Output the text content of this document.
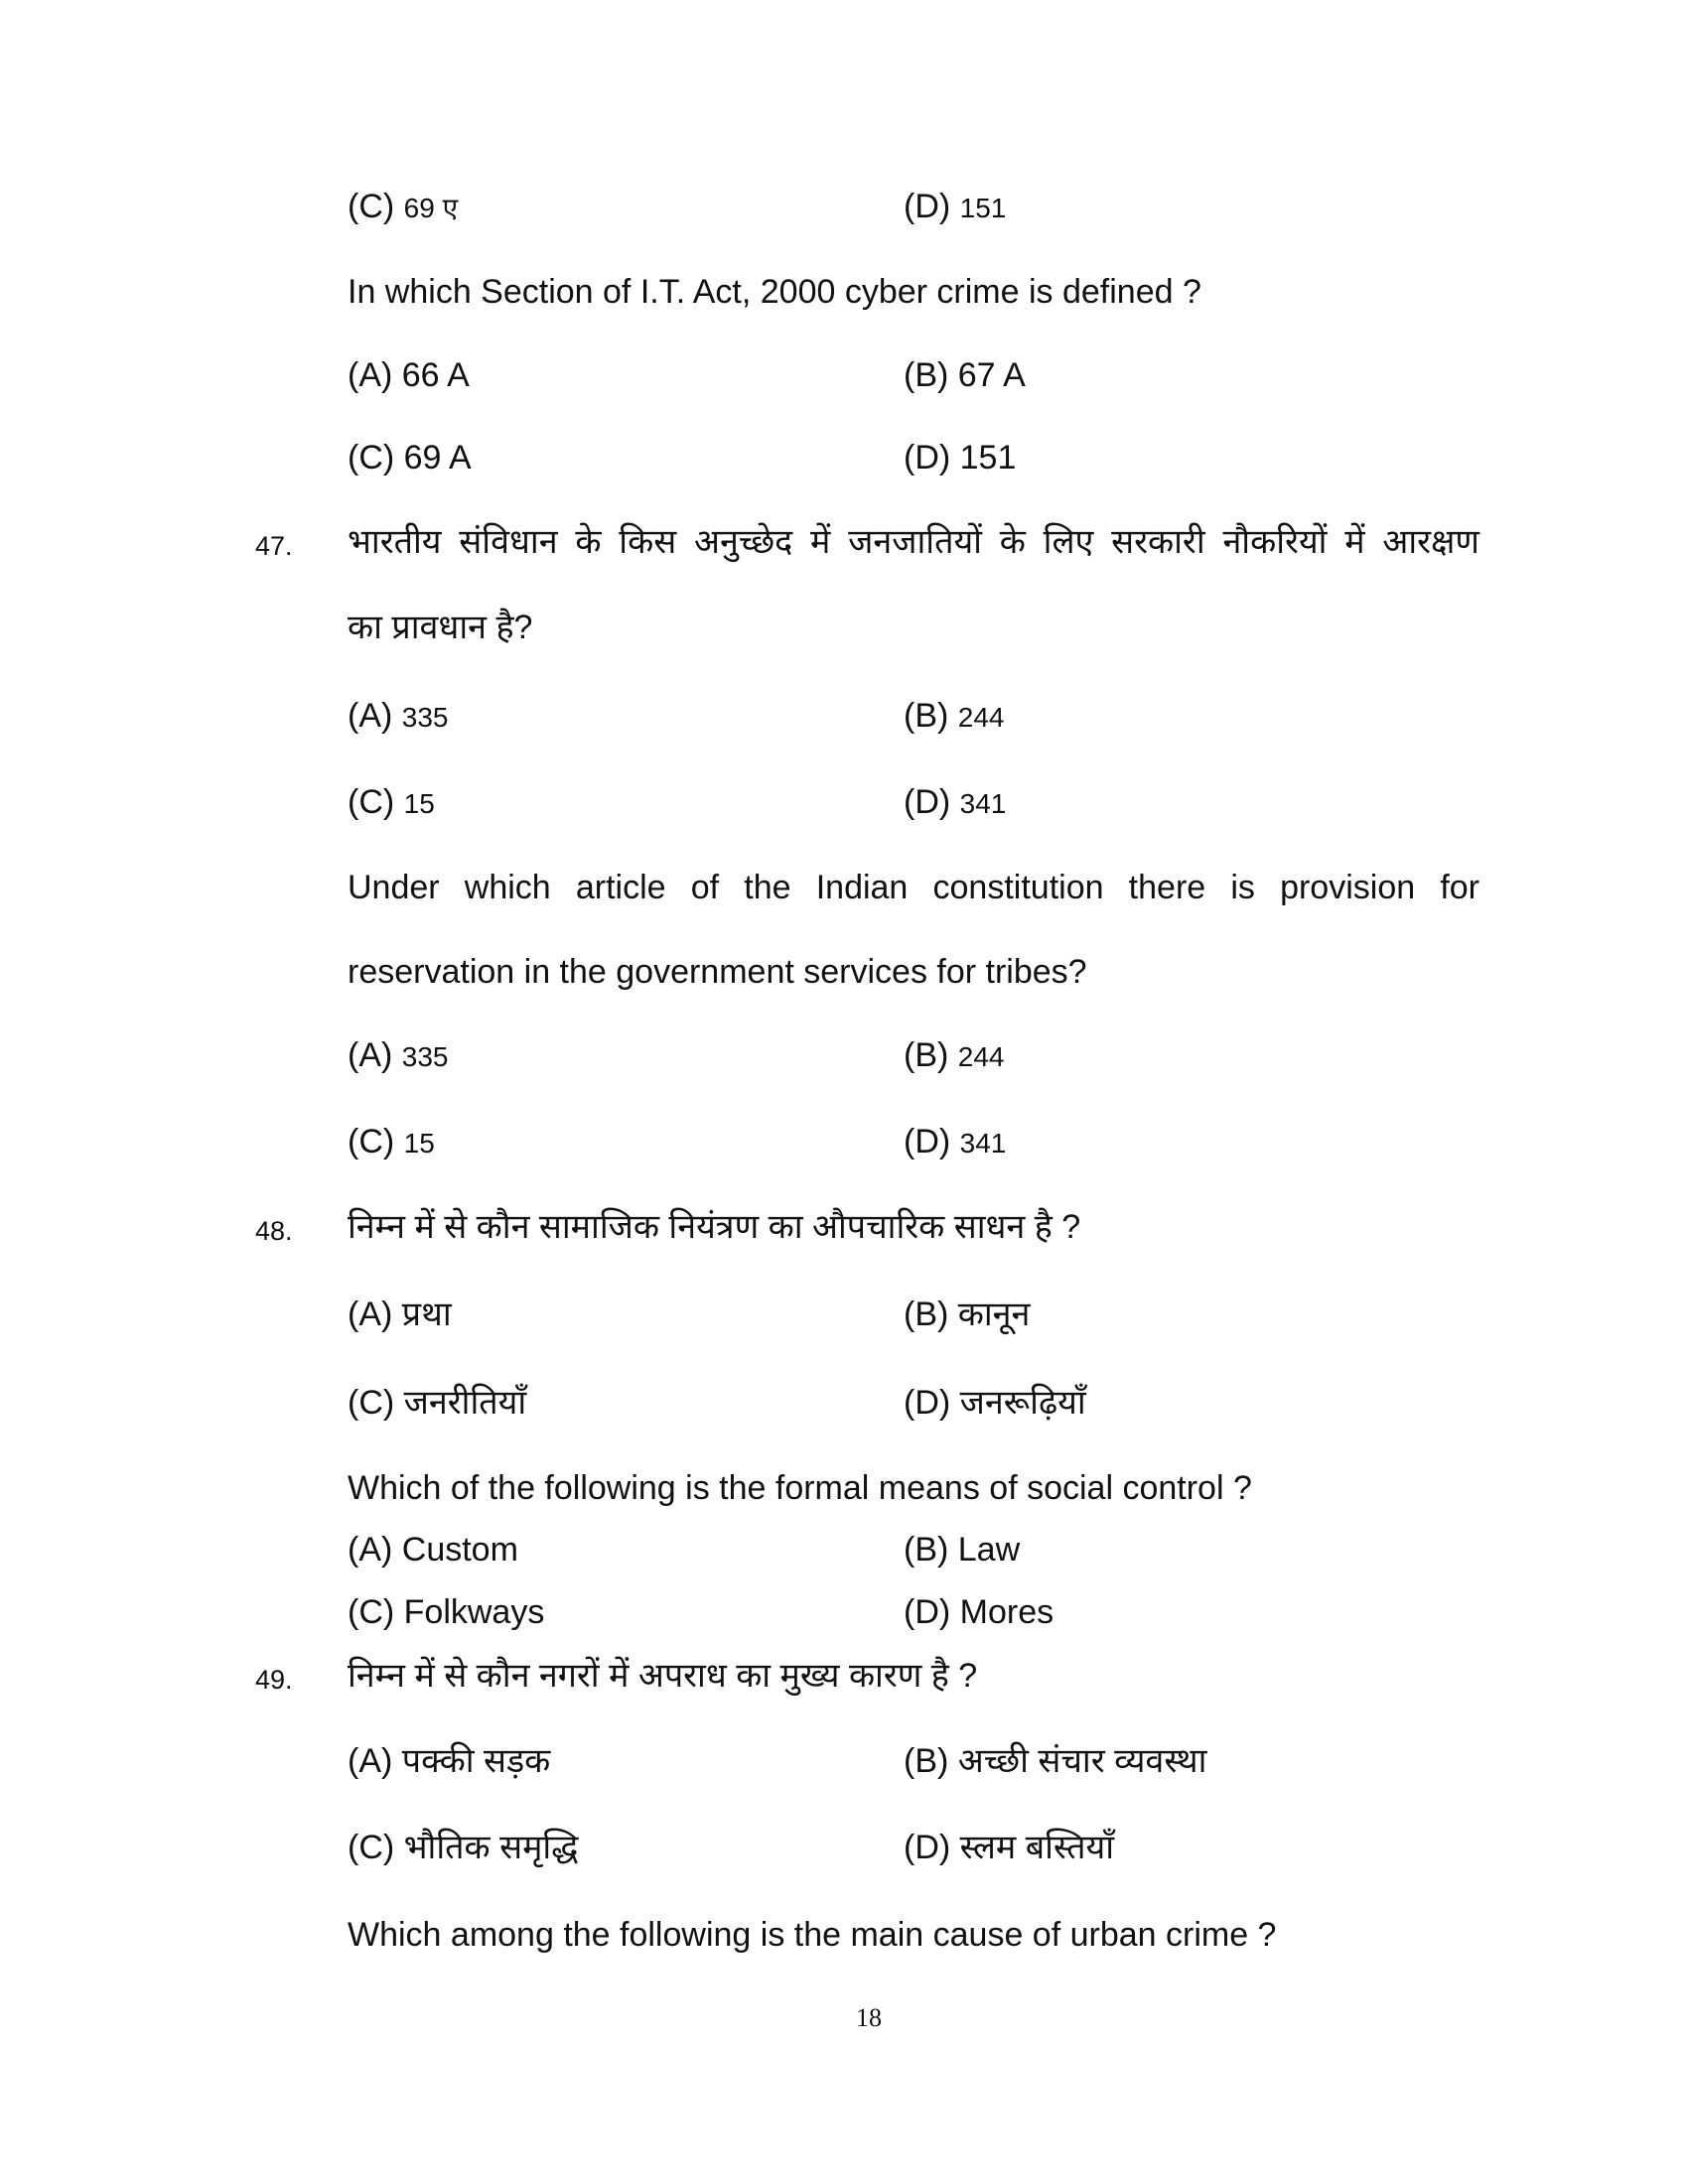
(C) 69 ए	(D) 151
In which Section of I.T. Act, 2000 cyber crime is defined ?
(A) 66 A	(B) 67 A
(C) 69 A	(D) 151
47. भारतीय संविधान के किस अनुच्छेद में जनजातियों के लिए सरकारी नौकरियों में आरक्षण
का प्रावधान है?
(A) 335	(B) 244
(C) 15	(D) 341
Under which article of the Indian constitution there is provision for
reservation in the government services for tribes?
(A) 335	(B) 244
(C) 15	(D) 341
48. निम्न में से कौन सामाजिक नियंत्रण का औपचारिक साधन है ?
(A) प्रथा	(B) कानून
(C) जनरीतियाँ	(D) जनरूढ़ियाँ
Which of the following is the formal means of social control ?
(A) Custom	(B) Law
(C) Folkways	(D) Mores
49. निम्न में से कौन नगरों में अपराध का मुख्य कारण है ?
(A) पक्की सड़क	(B) अच्छी संचार व्यवस्था
(C) भौतिक समृद्धि	(D) स्लम बस्तियाँ
Which among the following is the main cause of urban crime ?
18
